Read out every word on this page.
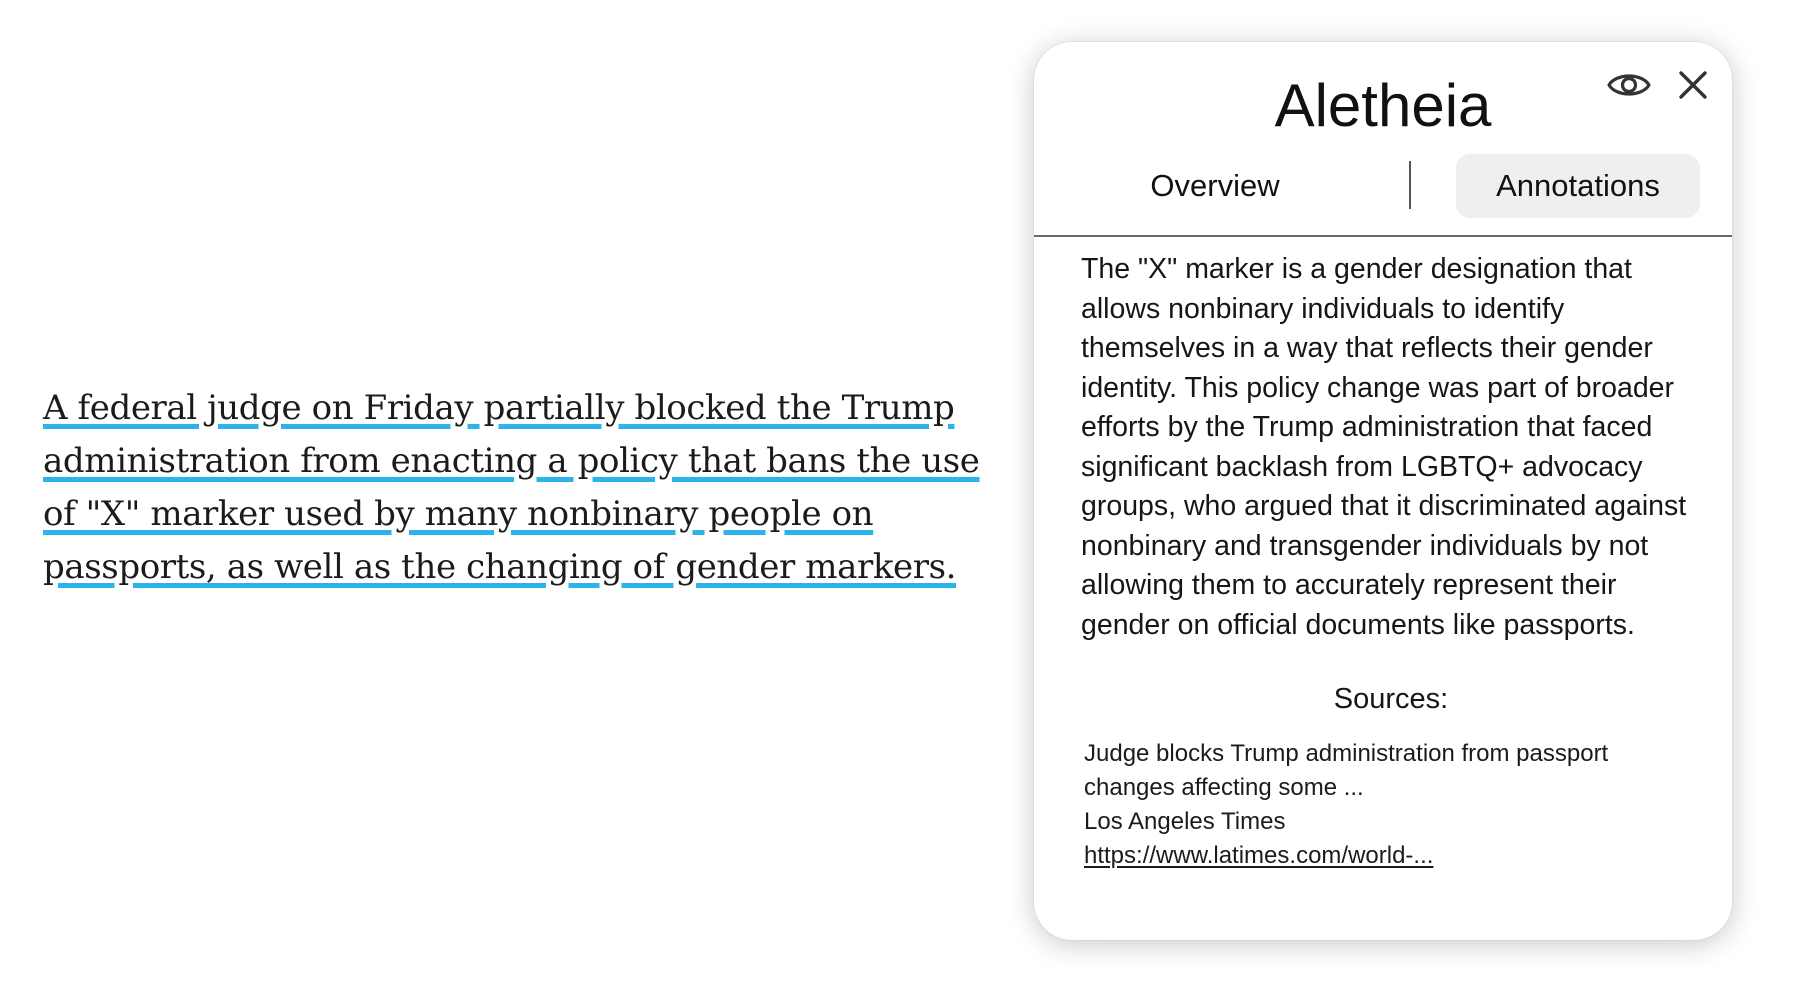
A federal judge on Friday partially blocked the Trump administration from enacting a policy that bans the use of "X" marker used by many nonbinary people on passports, as well as the changing of gender markers.

Aletheia
Overview	Annotations

The "X" marker is a gender designation that allows nonbinary individuals to identify themselves in a way that reflects their gender identity. This policy change was part of broader efforts by the Trump administration that faced significant backlash from LGBTQ+ advocacy groups, who argued that it discriminated against nonbinary and transgender individuals by not allowing them to accurately represent their gender on official documents like passports.

Sources:
Judge blocks Trump administration from passport changes affecting some ...
Los Angeles Times
https://www.latimes.com/world-...
